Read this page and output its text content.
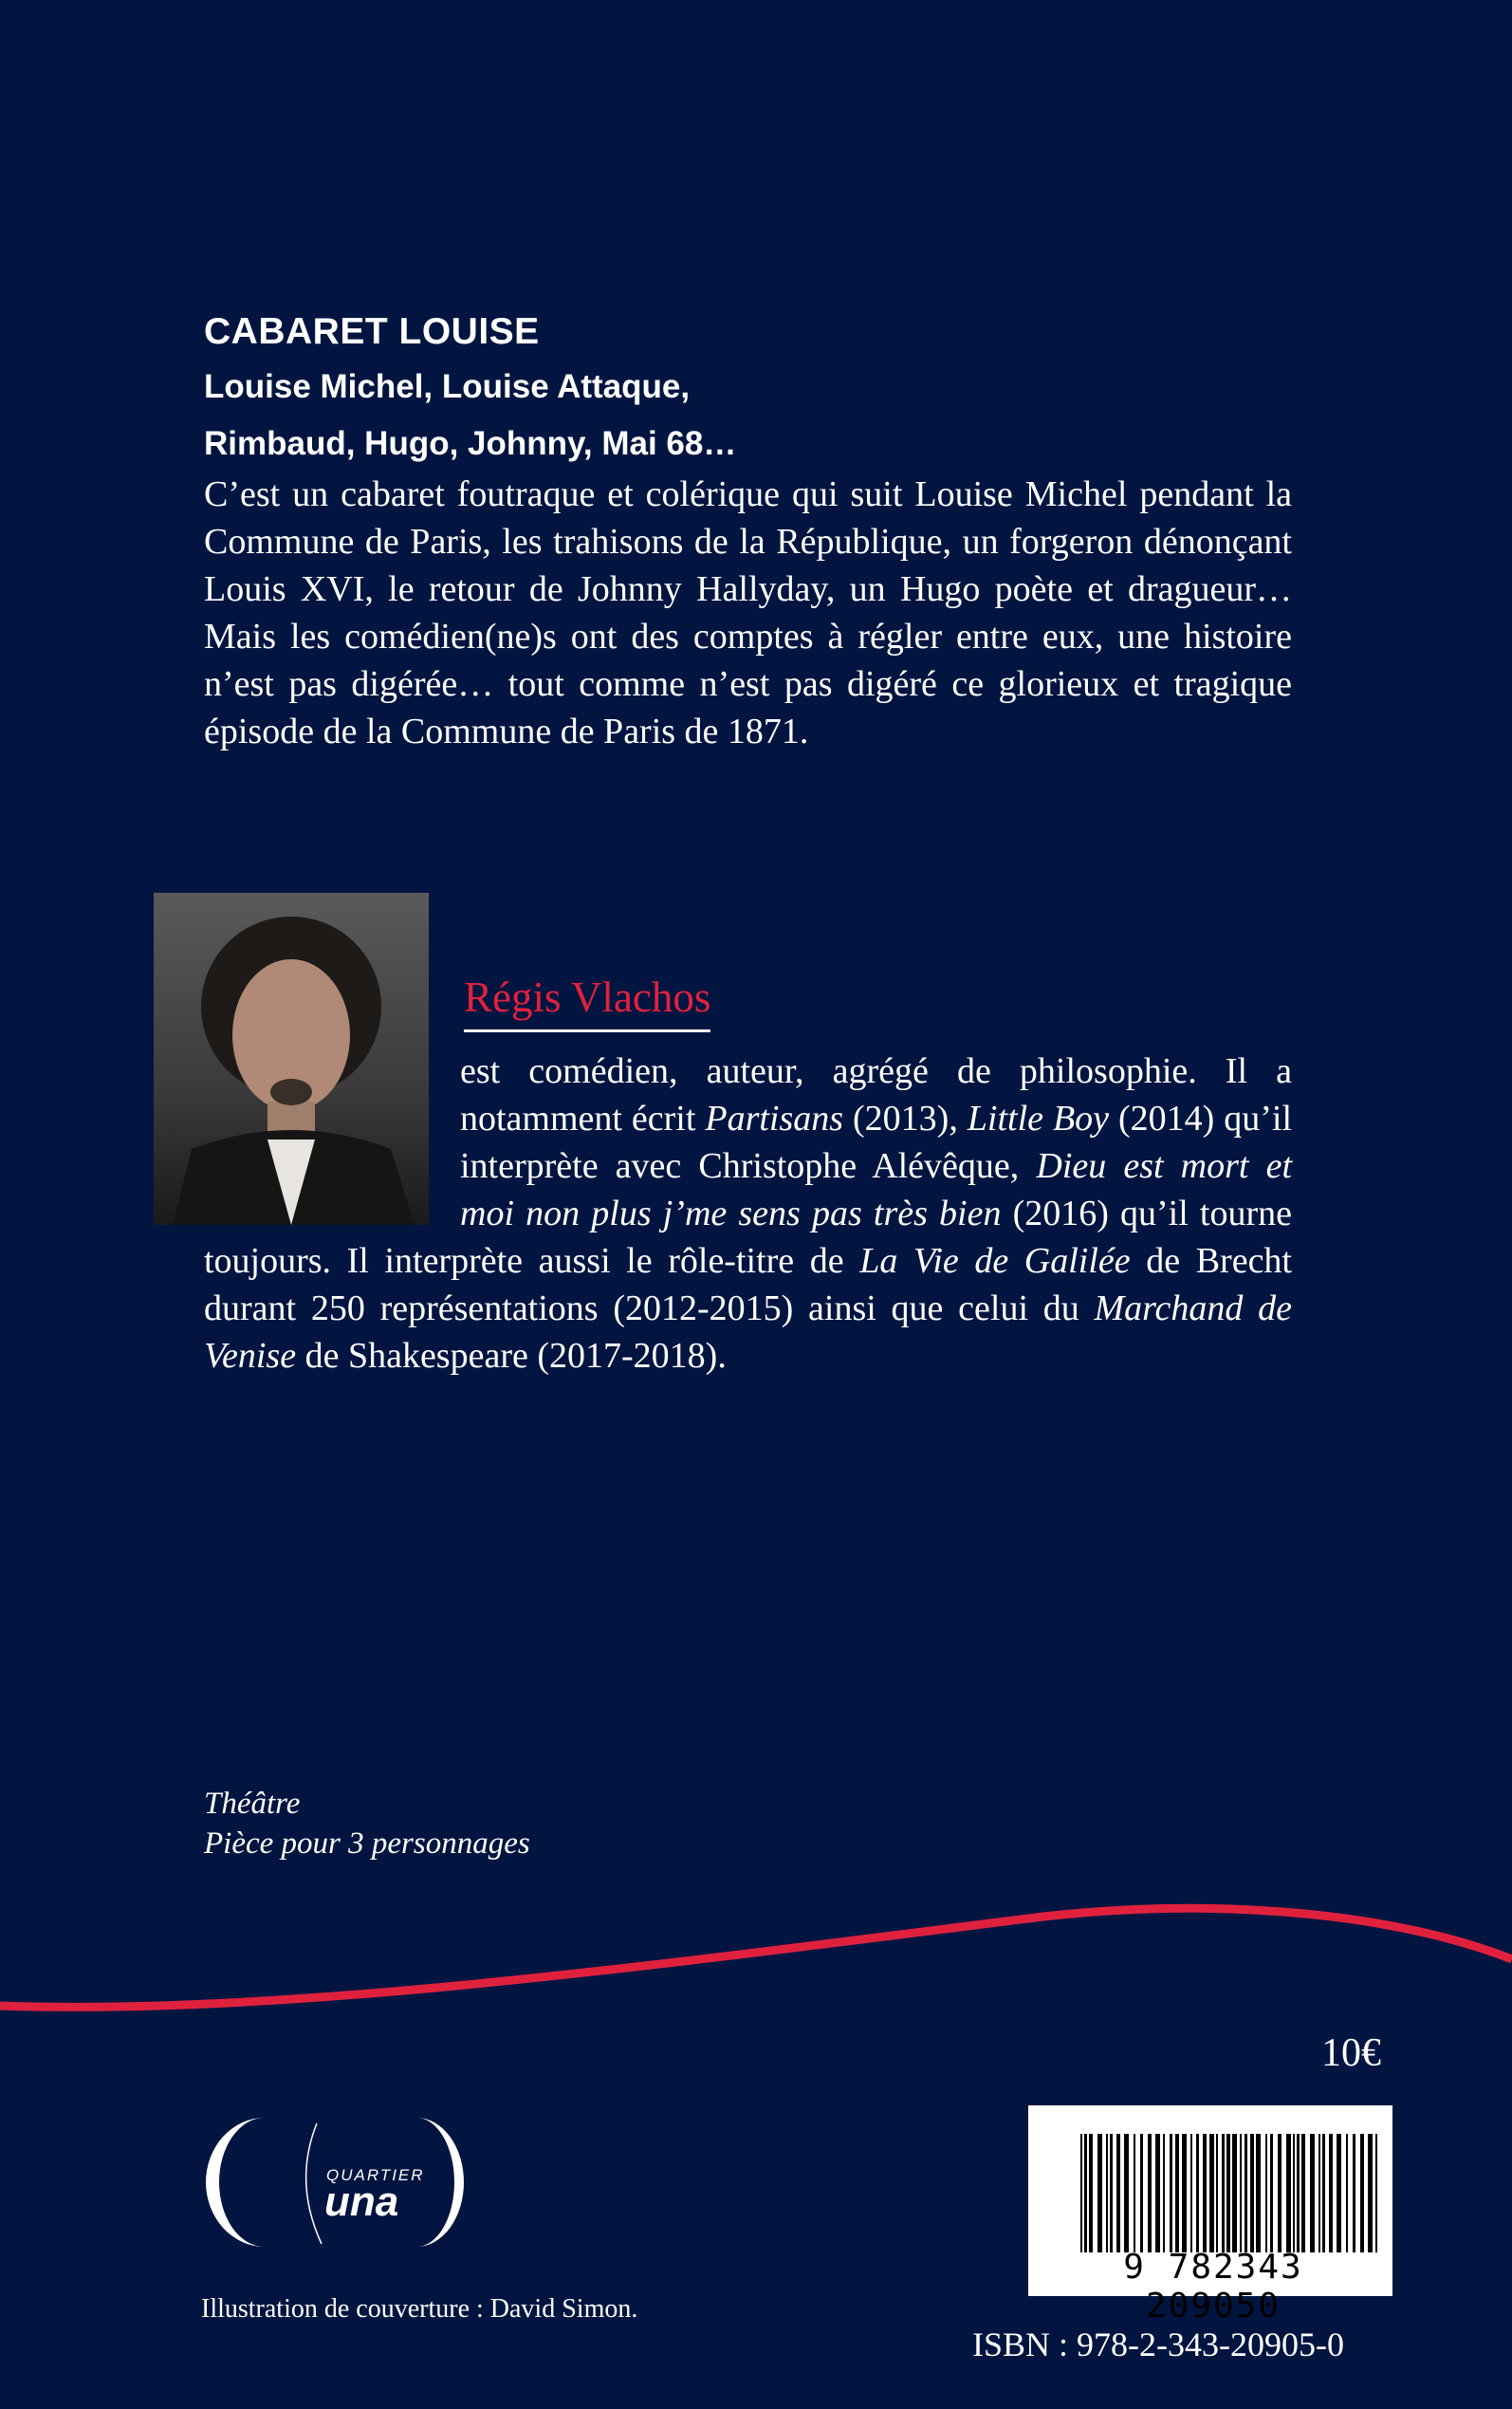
CABARET LOUISE
Louise Michel, Louise Attaque,
Rimbaud, Hugo, Johnny, Mai 68…
C’est un cabaret foutraque et colérique qui suit Louise Michel pendant la Commune de Paris, les trahisons de la République, un forgeron dénonçant Louis XVI, le retour de Johnny Hallyday, un Hugo poète et dragueur… Mais les comédien(ne)s ont des comptes à régler entre eux, une histoire n’est pas digérée… tout comme n’est pas digéré ce glorieux et tragique épisode de la Commune de Paris de 1871.
Régis Vlachos
est comédien, auteur, agrégé de philosophie. Il a notamment écrit Partisans (2013), Little Boy (2014) qu’il interprète avec Christophe Alévêque, Dieu est mort et moi non plus j’me sens pas très bien (2016) qu’il tourne toujours. Il interprète aussi le rôle-titre de La Vie de Galilée de Brecht durant 250 représentations (2012-2015) ainsi que celui du Marchand de Venise de Shakespeare (2017-2018).
Théâtre
Pièce pour 3 personnages
10€
QUARTIER
una
9 782343 209050
Illustration de couverture : David Simon.
ISBN : 978-2-343-20905-0
